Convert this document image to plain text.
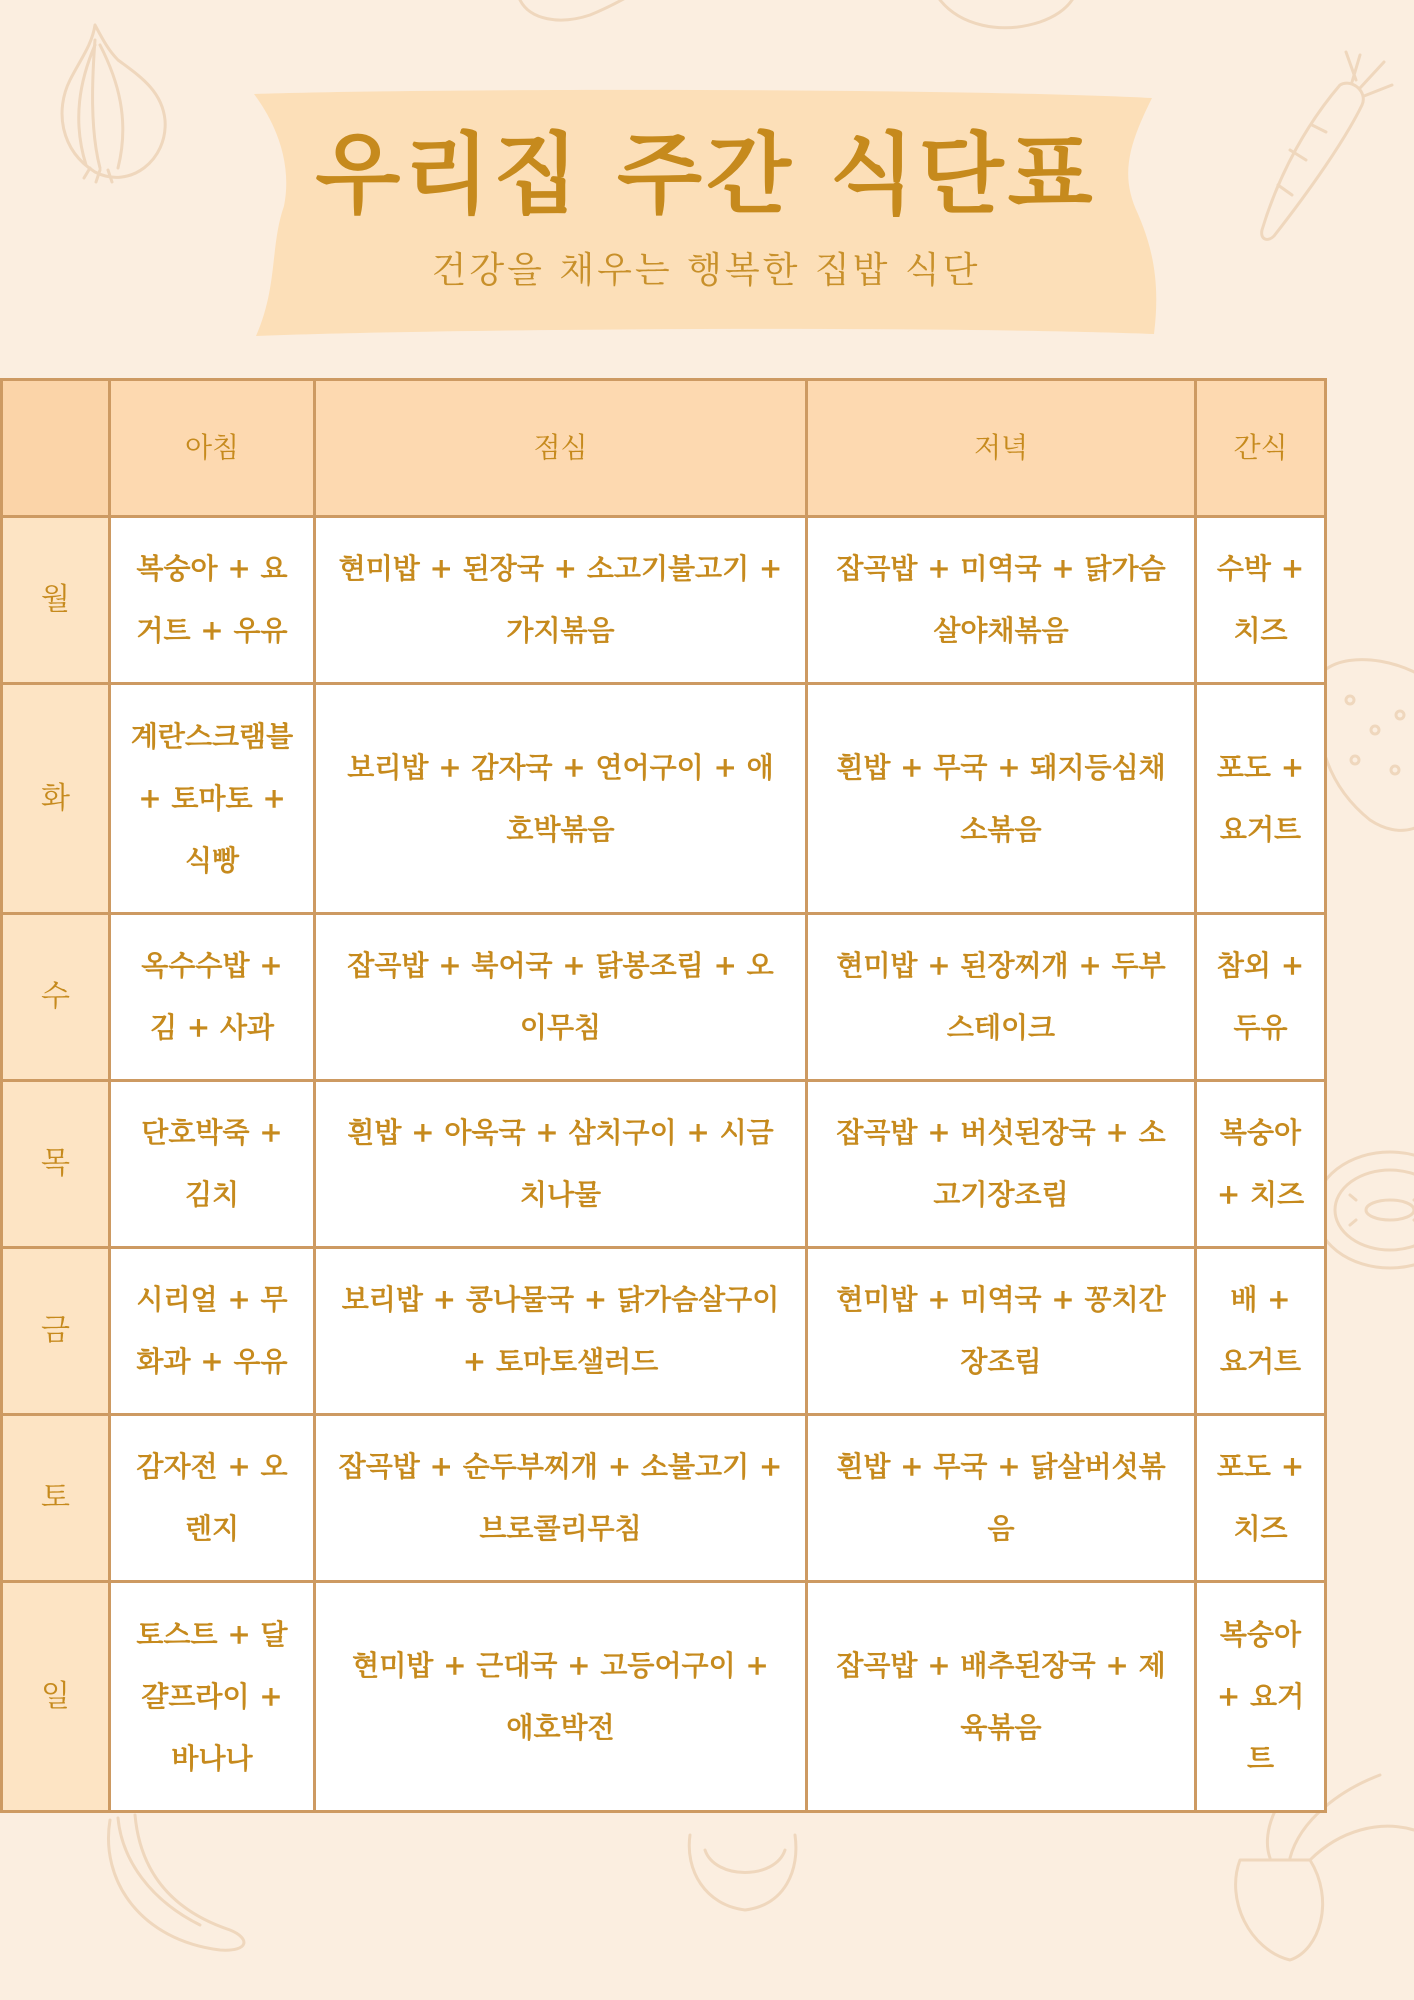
우리집 주간 식단표
건강을 채우는 행복한 집밥 식단
	아침	점심	저녁	간식
월	복숭아 + 요거트 + 우유	현미밥 + 된장국 + 소고기불고기 + 가지볶음	잡곡밥 + 미역국 + 닭가슴살야채볶음	수박 + 치즈
화	계란스크램블 + 토마토 + 식빵	보리밥 + 감자국 + 연어구이 + 애호박볶음	흰밥 + 무국 + 돼지등심채소볶음	포도 + 요거트
수	옥수수밥 + 김 + 사과	잡곡밥 + 북어국 + 닭봉조림 + 오이무침	현미밥 + 된장찌개 + 두부스테이크	참외 + 두유
목	단호박죽 + 김치	흰밥 + 아욱국 + 삼치구이 + 시금치나물	잡곡밥 + 버섯된장국 + 소고기장조림	복숭아 + 치즈
금	시리얼 + 무화과 + 우유	보리밥 + 콩나물국 + 닭가슴살구이 + 토마토샐러드	현미밥 + 미역국 + 꽁치간장조림	배 + 요거트
토	감자전 + 오렌지	잡곡밥 + 순두부찌개 + 소불고기 + 브로콜리무침	흰밥 + 무국 + 닭살버섯볶음	포도 + 치즈
일	토스트 + 달걀프라이 + 바나나	현미밥 + 근대국 + 고등어구이 + 애호박전	잡곡밥 + 배추된장국 + 제육볶음	복숭아 + 요거트
